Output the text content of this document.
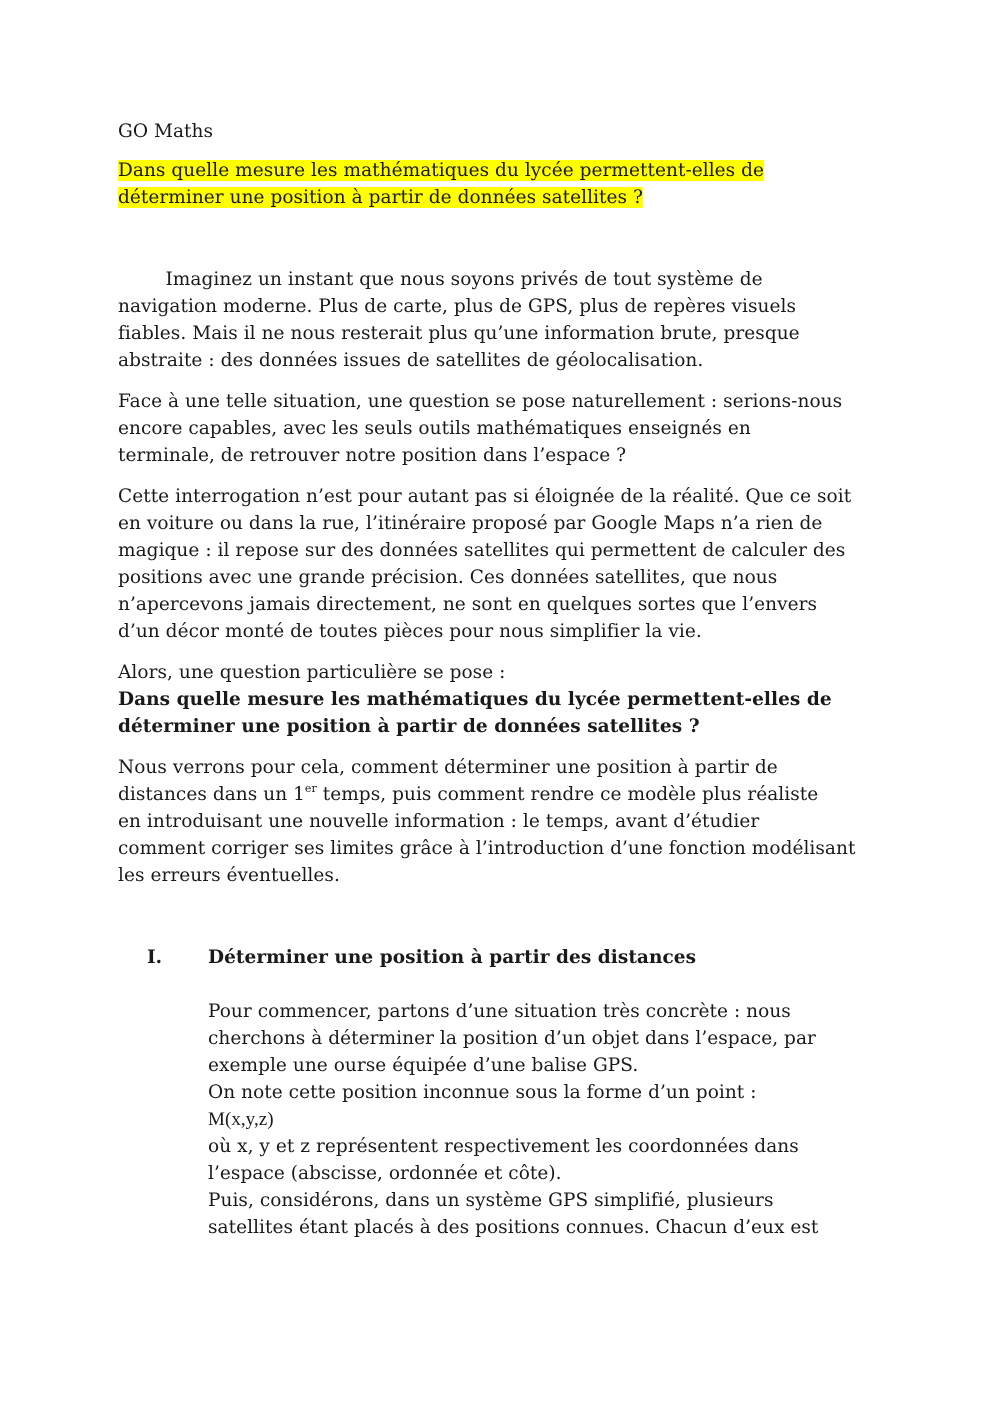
GO Maths
Dans quelle mesure les mathématiques du lycée permettent-elles de
déterminer une position à partir de données satellites ?
Imaginez un instant que nous soyons privés de tout système de
navigation moderne. Plus de carte, plus de GPS, plus de repères visuels
fiables. Mais il ne nous resterait plus qu’une information brute, presque
abstraite : des données issues de satellites de géolocalisation.
Face à une telle situation, une question se pose naturellement : serions-nous
encore capables, avec les seuls outils mathématiques enseignés en
terminale, de retrouver notre position dans l’espace ?
Cette interrogation n’est pour autant pas si éloignée de la réalité. Que ce soit
en voiture ou dans la rue, l’itinéraire proposé par Google Maps n’a rien de
magique : il repose sur des données satellites qui permettent de calculer des
positions avec une grande précision. Ces données satellites, que nous
n’apercevons jamais directement, ne sont en quelques sortes que l’envers
d’un décor monté de toutes pièces pour nous simplifier la vie.
Alors, une question particulière se pose :
Dans quelle mesure les mathématiques du lycée permettent-elles de
déterminer une position à partir de données satellites ?
Nous verrons pour cela, comment déterminer une position à partir de
distances dans un 1er temps, puis comment rendre ce modèle plus réaliste
en introduisant une nouvelle information : le temps, avant d’étudier
comment corriger ses limites grâce à l’introduction d’une fonction modélisant
les erreurs éventuelles.
I. Déterminer une position à partir des distances
Pour commencer, partons d’une situation très concrète : nous
cherchons à déterminer la position d’un objet dans l’espace, par
exemple une ourse équipée d’une balise GPS.
On note cette position inconnue sous la forme d’un point :
M(x,y,z)
où x, y et z représentent respectivement les coordonnées dans
l’espace (abscisse, ordonnée et côte).
Puis, considérons, dans un système GPS simplifié, plusieurs
satellites étant placés à des positions connues. Chacun d’eux est
